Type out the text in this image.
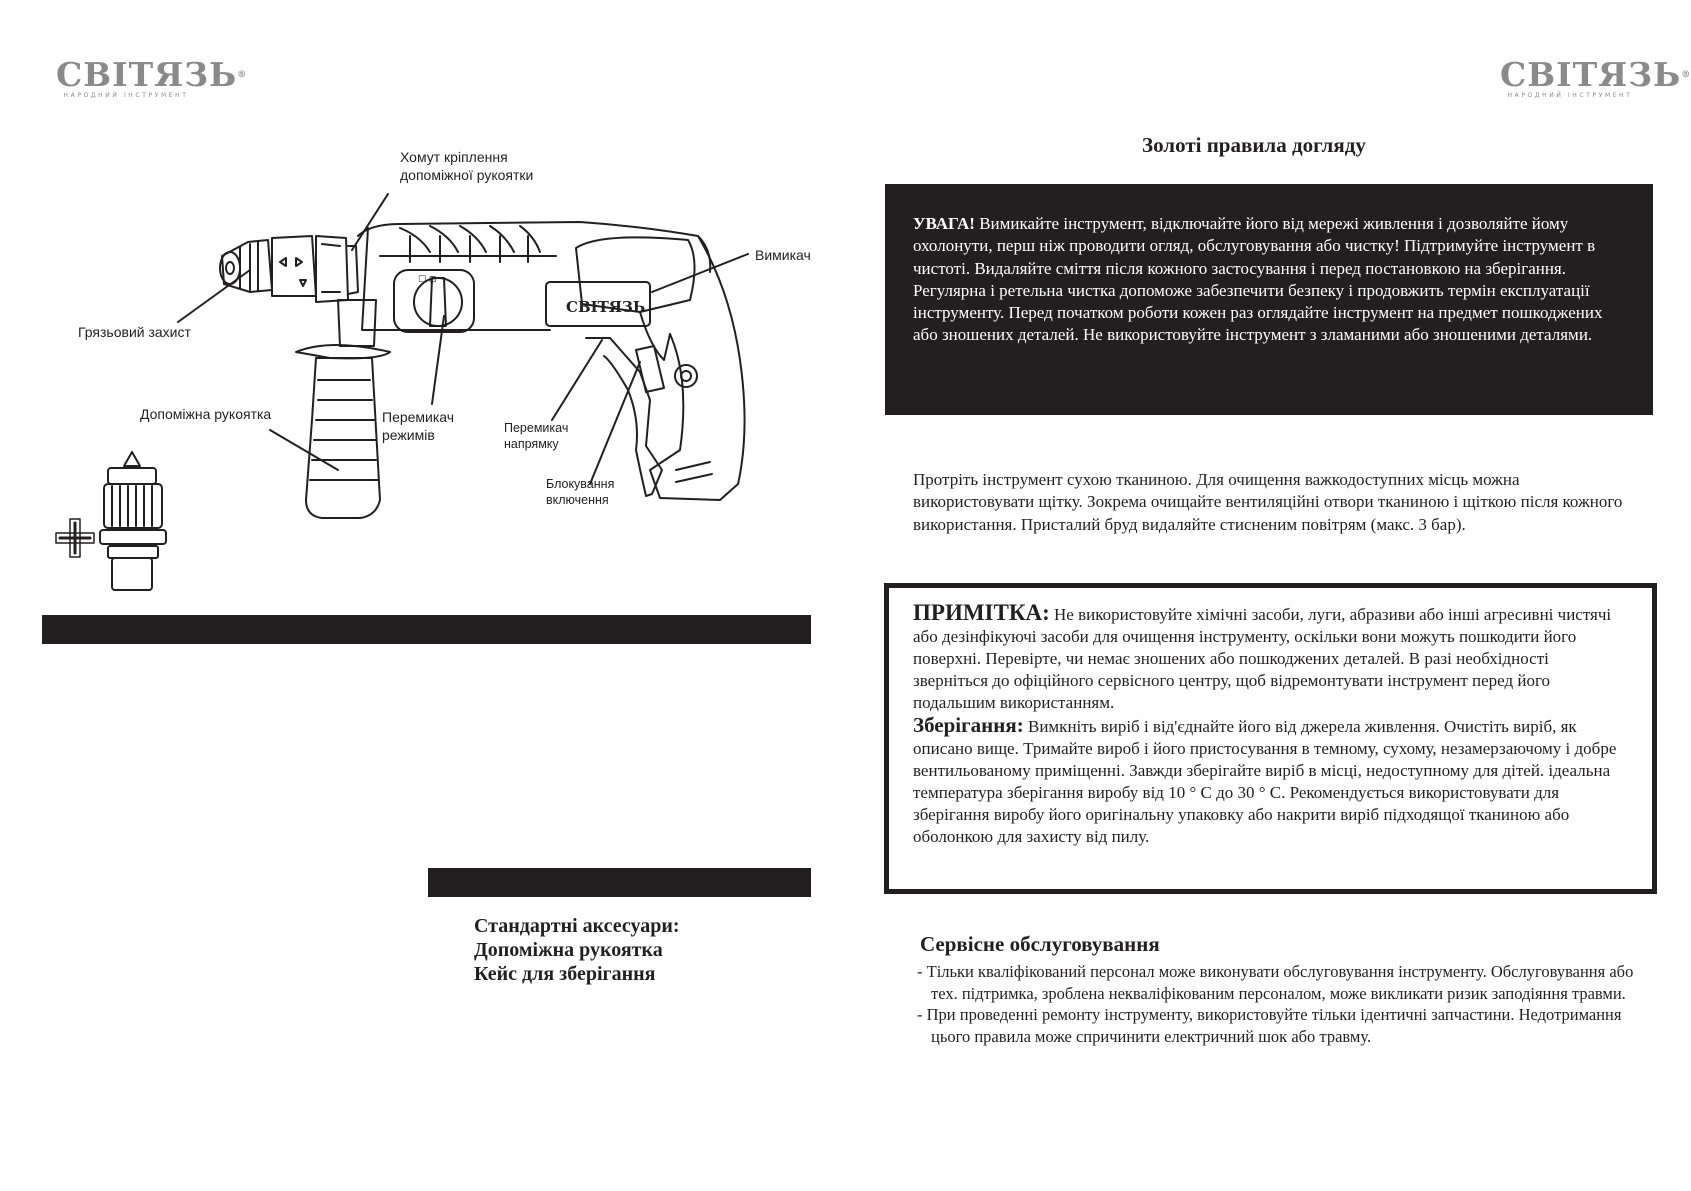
СВІТЯЗЬ®
НАРОДНИЙ ІНСТРУМЕНТ
СВІТЯЗЬ®
НАРОДНИЙ ІНСТРУМЕНТ
☐ ⊡
СВІТЯЗЬ
Хомут кріплення
допоміжної рукоятки
Вимикач
Грязьовий захист
Допоміжна рукоятка	Перемикач
режимів	Перемикач
напрямку
Блокування
включення
Стандартні аксесуари:
Допоміжна рукоятка
Кейс для зберігання
Золоті правила догляду
УВАГА! Вимикайте інструмент, відключайте його від мережі живлення і дозволяйте йому охолонути, перш ніж проводити огляд, обслуговування або чистку! Підтримуйте інструмент в чистоті. Видаляйте сміття після кожного застосування і перед постановкою на зберігання. Регулярна і ретельна чистка допоможе забезпечити безпеку і продовжить термін експлуатації інструменту. Перед початком роботи кожен раз оглядайте інструмент на предмет пошкоджених або зношених деталей. Не використовуйте інструмент з зламаними або зношеними деталями.
Протріть інструмент сухою тканиною. Для очищення важкодоступних місць можна використовувати щітку. Зокрема очищайте вентиляційні отвори тканиною і щіткою після кожного використання. Присталий бруд видаляйте стисненим повітрям (макс. 3 бар).
ПРИМІТКА: Не використовуйте хімічні засоби, луги, абразиви або інші агресивні чистячі або дезінфікуючі засоби для очищення інструменту, оскільки вони можуть пошкодити його поверхні. Перевірте, чи немає зношених або пошкоджених деталей. В разі необхідності зверніться до офіційного сервісного центру, щоб відремонтувати інструмент перед його подальшим використанням.
Зберігання: Вимкніть виріб і від'єднайте його від джерела живлення. Очистіть виріб, як описано вище. Тримайте вироб і його пристосування в темному, сухому, незамерзаючому і добре вентильованому приміщенні. Завжди зберігайте виріб в місці, недоступному для дітей. ідеальна температура зберігання виробу від 10 ° С до 30 ° С. Рекомендується використовувати для зберігання виробу його оригінальну упаковку або накрити виріб підходящої тканиною або оболонкою для захисту від пилу.
Сервісне обслуговування
- Тільки кваліфікований персонал може виконувати обслуговування інструменту. Обслуговування або тех. підтримка, зроблена некваліфікованим персоналом, може викликати ризик заподіяння травми.
- При проведенні ремонту інструменту, використовуйте тільки ідентичні запчастини. Недотримання цього правила може спричинити електричний шок або травму.
